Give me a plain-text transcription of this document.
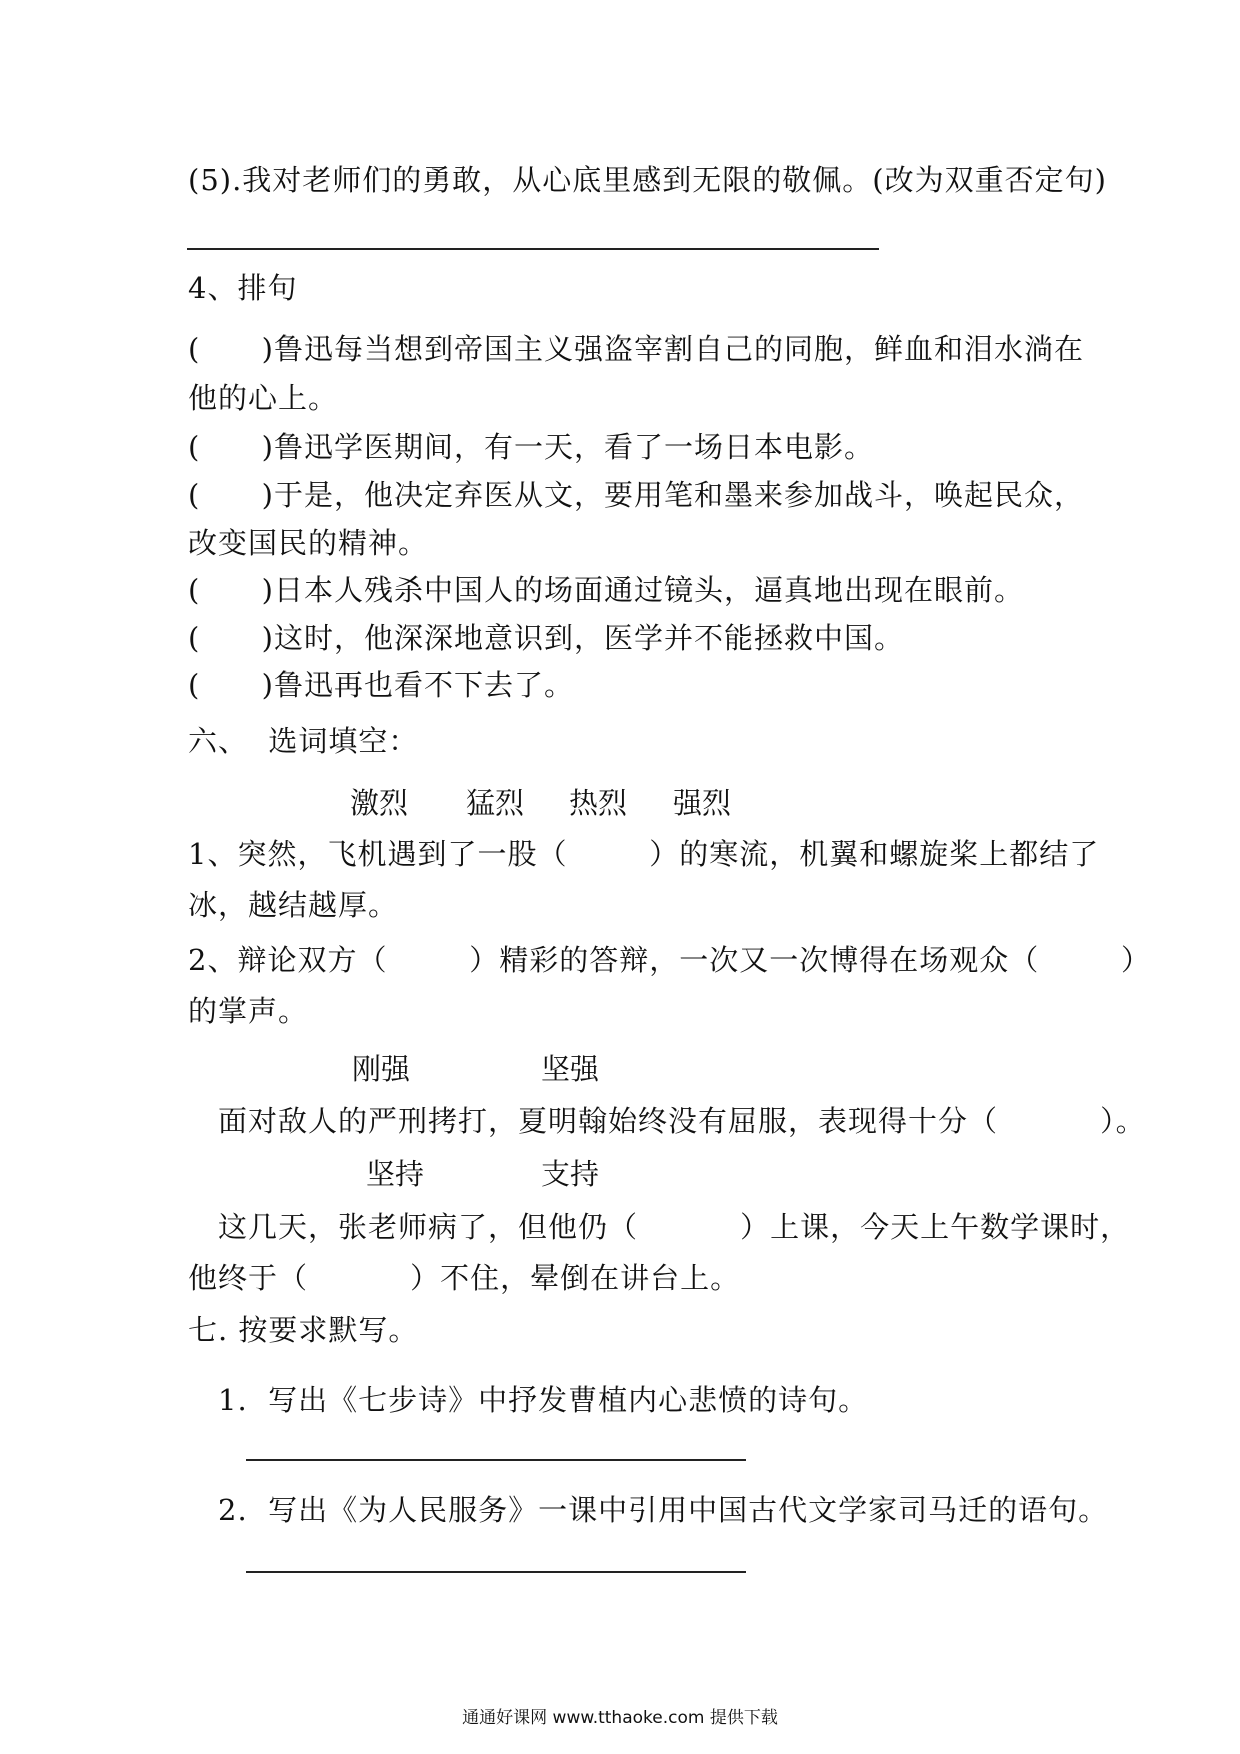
(5).我对老师们的勇敢，从心底里感到无限的敬佩。(改为双重否定句)
4、排句
(      )鲁迅每当想到帝国主义强盗宰割自己的同胞，鲜血和泪水淌在
他的心上。
(      )鲁迅学医期间，有一天，看了一场日本电影。
(      )于是，他决定弃医从文，要用笔和墨来参加战斗，唤起民众，
改变国民的精神。
(      )日本人残杀中国人的场面通过镜头，逼真地出现在眼前。
(      )这时，他深深地意识到，医学并不能拯救中国。
(      )鲁迅再也看不下去了。
六、  选词填空：
激烈 猛烈 热烈 强烈
1、突然，飞机遇到了一股（        ）的寒流，机翼和螺旋桨上都结了
冰，越结越厚。
2、辩论双方（        ）精彩的答辩，一次又一次博得在场观众（        ）
的掌声。
刚强	坚强
面对敌人的严刑拷打，夏明翰始终没有屈服，表现得十分（          ）。
坚持	支持
这几天，张老师病了，但他仍（          ）上课，今天上午数学课时，
他终于（          ）不住，晕倒在讲台上。
七. 按要求默写。
1.  写出《七步诗》中抒发曹植内心悲愤的诗句。
2.  写出《为人民服务》一课中引用中国古代文学家司马迁的语句。
通通好课网 www.tthaoke.com 提供下载
